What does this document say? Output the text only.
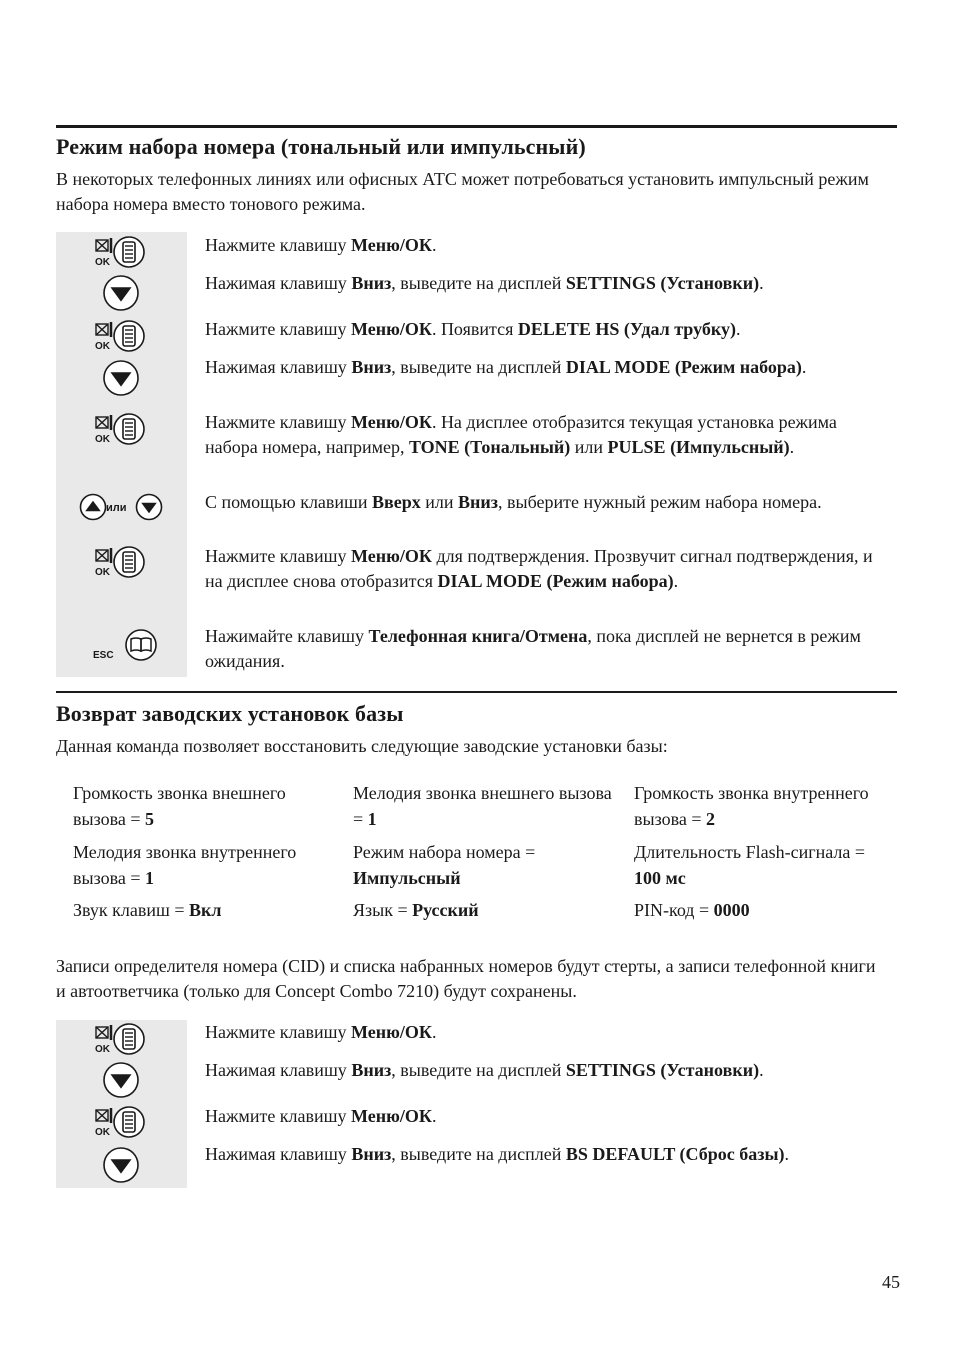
Режим набора номера (тональный или импульсный)

В некоторых телефонных линиях или офисных АТС может потребоваться установить импульсный режим набора номера вместо тонового режима.

OK
OK
OK
или
OK
ESC

Нажмите клавишу Меню/ОК.

Нажимая клавишу Вниз, выведите на дисплей SETTINGS (Установки).

Нажмите клавишу Меню/ОК. Появится DELETE HS (Удал трубку).

Нажимая клавишу Вниз, выведите на дисплей DIAL MODE (Режим набора).

Нажмите клавишу Меню/ОК. На дисплее отобразится текущая установка режима набора номера, например, TONE (Тональный) или PULSE (Импульсный).

С помощью клавиши Вверх или Вниз, выберите нужный режим набора номера.

Нажмите клавишу Меню/ОК для подтверждения. Прозвучит сигнал подтверждения, и на дисплее снова отобразится DIAL MODE (Режим набора).

Нажимайте клавишу Телефонная книга/Отмена, пока дисплей не вернется в режим ожидания.

Возврат заводских установок базы

Данная команда позволяет восстановить следующие заводские установки базы:

Громкость звонка внешнего вызова = 5

Мелодия звонка внешнего вызова = 1

Громкость звонка внутреннего вызова = 2

Мелодия звонка внутреннего вызова = 1

Режим набора номера = Импульсный

Длительность Flash-сигнала = 100 мс

Звук клавиш = Вкл	Язык = Русский	PIN-код = 0000

Записи определителя номера (CID) и списка набранных номеров будут стерты, а записи телефонной книги и автоответчика (только для Concept Combo 7210) будут сохранены.

OK
OK

Нажмите клавишу Меню/ОК.

Нажимая клавишу Вниз, выведите на дисплей SETTINGS (Установки).

Нажмите клавишу Меню/ОК.

Нажимая клавишу Вниз, выведите на дисплей BS DEFAULT (Сброс базы).

45
